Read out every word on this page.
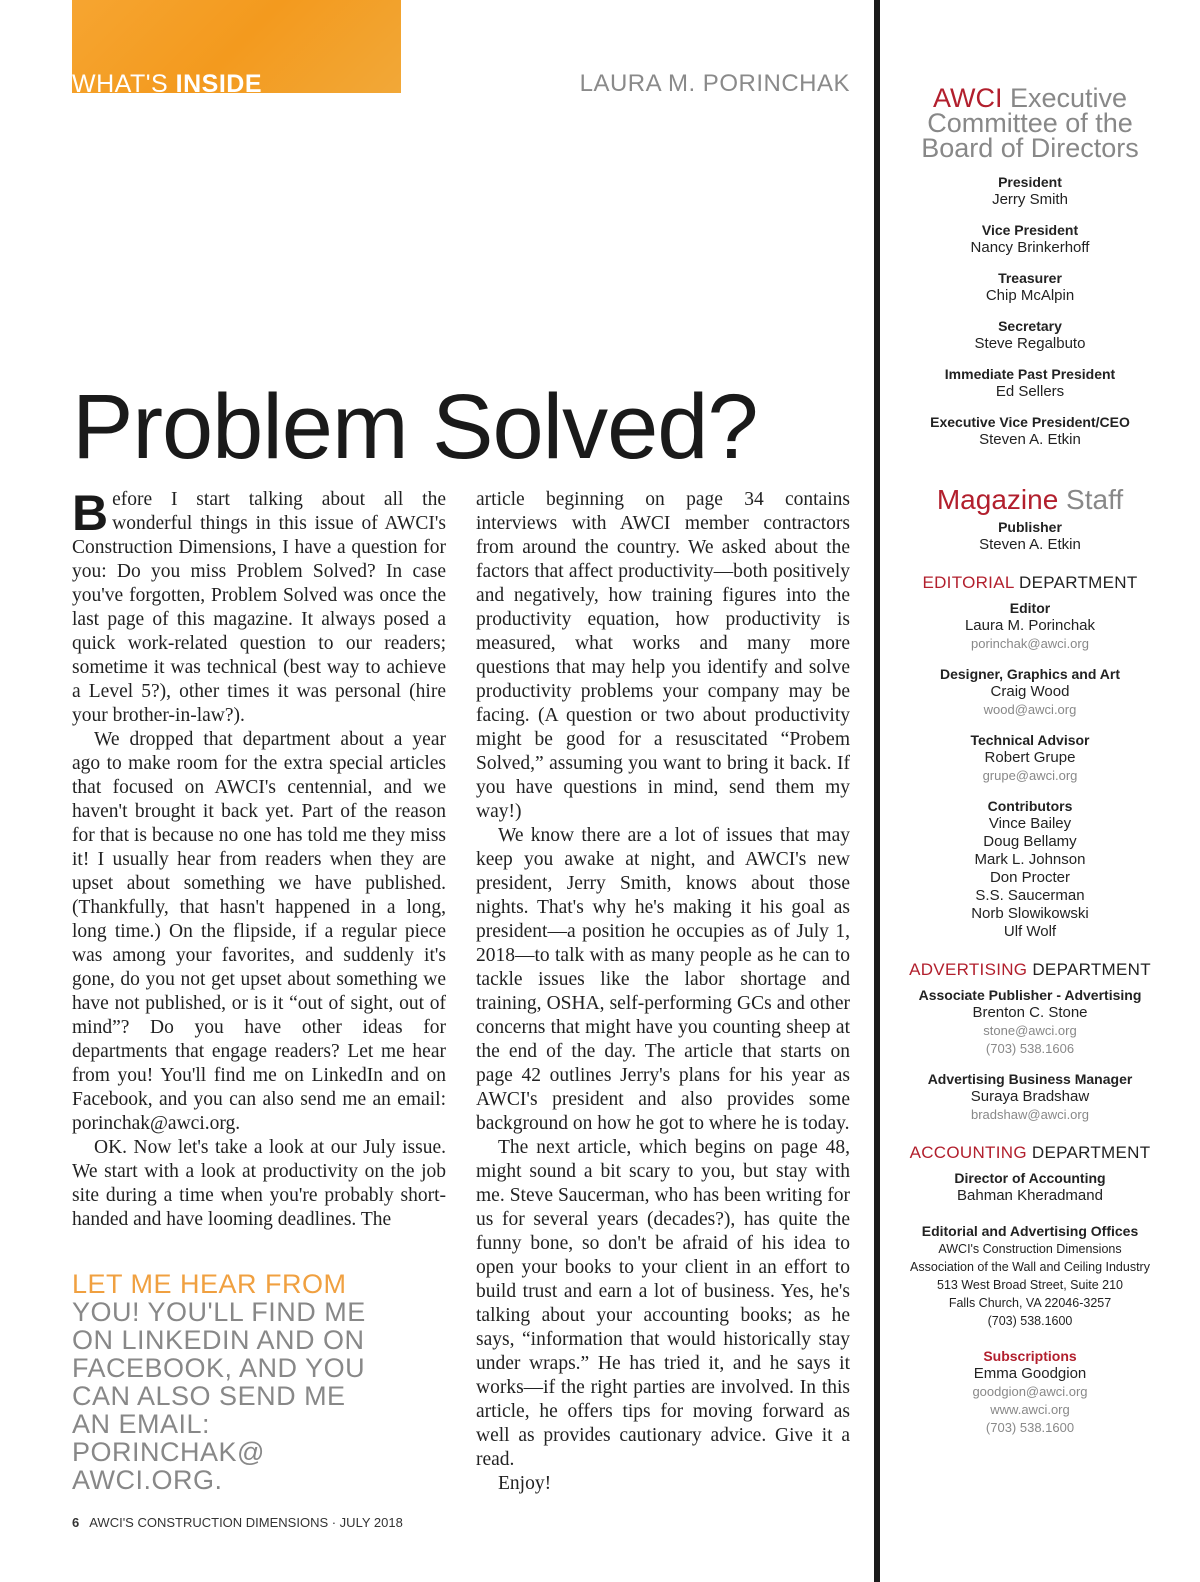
WHAT'S INSIDE	LAURA M. PORINCHAK
Problem Solved?

Before I start talking about all the wonderful things in this issue of AWCI's Construction Dimensions, I have a question for you: Do you miss Problem Solved? In case you've forgotten, Problem Solved was once the last page of this magazine. It always posed a quick work-related question to our readers; sometime it was technical (best way to achieve a Level 5?), other times it was personal (hire your brother-in-law?).

We dropped that department about a year ago to make room for the extra special articles that focused on AWCI's centennial, and we haven't brought it back yet. Part of the reason for that is because no one has told me they miss it! I usually hear from readers when they are upset about something we have published. (Thankfully, that hasn't happened in a long, long time.) On the flipside, if a regular piece was among your favorites, and suddenly it's gone, do you not get upset about something we have not published, or is it “out of sight, out of mind”? Do you have other ideas for departments that engage readers? Let me hear from you! You'll find me on LinkedIn and on Facebook, and you can also send me an email: porinchak@awci.org.

OK. Now let's take a look at our July issue. We start with a look at productivity on the job site during a time when you're probably short-handed and have looming deadlines. The

article beginning on page 34 contains interviews with AWCI member contractors from around the country. We asked about the factors that affect productivity—both positively and negatively, how training figures into the productivity equation, how productivity is measured, what works and many more questions that may help you identify and solve productivity problems your company may be facing. (A question or two about productivity might be good for a resuscitated “Probem Solved,” assuming you want to bring it back. If you have questions in mind, send them my way!)

We know there are a lot of issues that may keep you awake at night, and AWCI's new president, Jerry Smith, knows about those nights. That's why he's making it his goal as president—a position he occupies as of July 1, 2018—to talk with as many people as he can to tackle issues like the labor shortage and training, OSHA, self-performing GCs and other concerns that might have you counting sheep at the end of the day. The article that starts on page 42 outlines Jerry's plans for his year as AWCI's president and also provides some background on how he got to where he is today.

The next article, which begins on page 48, might sound a bit scary to you, but stay with me. Steve Saucerman, who has been writing for us for several years (decades?), has quite the funny bone, so don't be afraid of his idea to open your books to your client in an effort to build trust and earn a lot of business. Yes, he's talking about your accounting books; as he says, “information that would historically stay under wraps.” He has tried it, and he says it works—if the right parties are involved. In this article, he offers tips for moving forward as well as provides cautionary advice. Give it a read.

Enjoy!

LET ME HEAR FROM YOU! YOU'LL FIND ME ON LINKEDIN AND ON FACEBOOK, AND YOU CAN ALSO SEND ME AN EMAIL: PORINCHAK@ AWCI.ORG.
6 AWCI'S CONSTRUCTION DIMENSIONS · JULY 2018
AWCI Executive Committee of the Board of Directors
President
Jerry Smith
Vice President
Nancy Brinkerhoff
Treasurer
Chip McAlpin
Secretary
Steve Regalbuto
Immediate Past President
Ed Sellers
Executive Vice President/CEO
Steven A. Etkin
Magazine Staff
Publisher
Steven A. Etkin
EDITORIAL DEPARTMENT
Editor
Laura M. Porinchak
porinchak@awci.org
Designer, Graphics and Art
Craig Wood
wood@awci.org
Technical Advisor
Robert Grupe
grupe@awci.org
Contributors
Vince Bailey
Doug Bellamy
Mark L. Johnson
Don Procter
S.S. Saucerman
Norb Slowikowski
Ulf Wolf
ADVERTISING DEPARTMENT
Associate Publisher - Advertising
Brenton C. Stone
stone@awci.org
(703) 538.1606
Advertising Business Manager
Suraya Bradshaw
bradshaw@awci.org
ACCOUNTING DEPARTMENT
Director of Accounting
Bahman Kheradmand
Editorial and Advertising Offices
AWCI's Construction Dimensions
Association of the Wall and Ceiling Industry
513 West Broad Street, Suite 210
Falls Church, VA 22046-3257
(703) 538.1600
Subscriptions
Emma Goodgion
goodgion@awci.org
www.awci.org
(703) 538.1600
